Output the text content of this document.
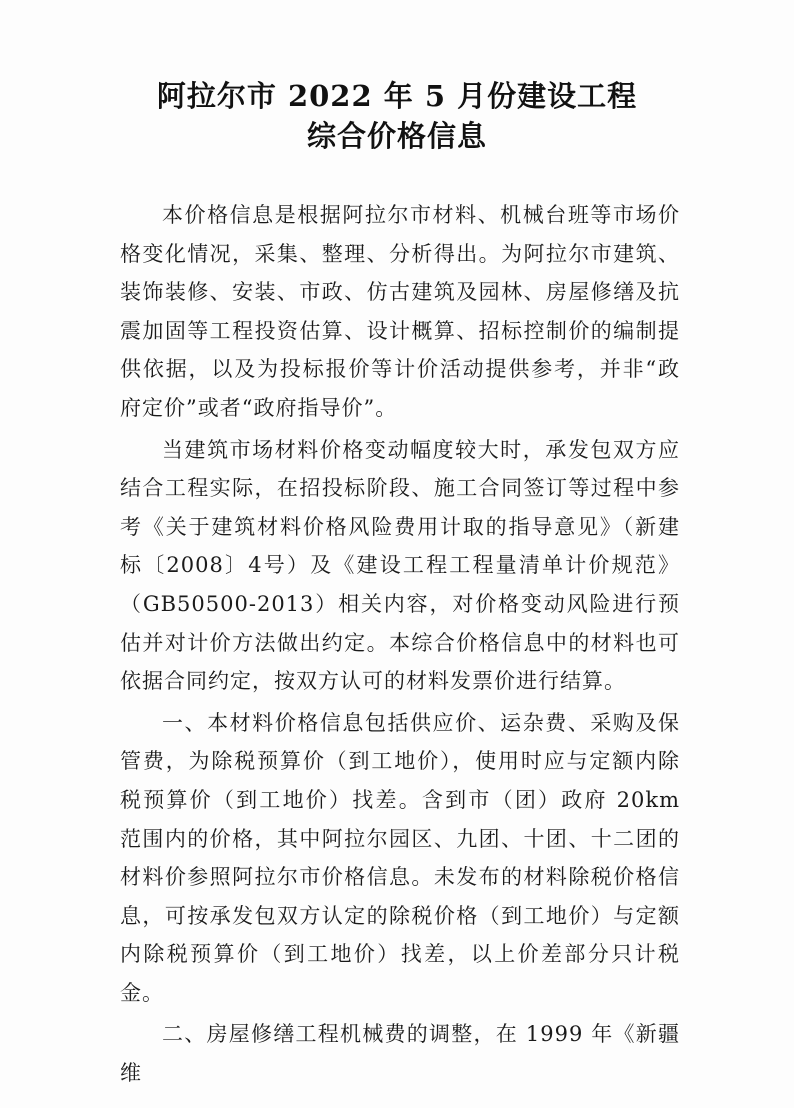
阿拉尔市 2022 年 5 月份建设工程
综合价格信息

本价格信息是根据阿拉尔市材料、机械台班等市场价格变化情况，采集、整理、分析得出。为阿拉尔市建筑、装饰装修、安装、市政、仿古建筑及园林、房屋修缮及抗震加固等工程投资估算、设计概算、招标控制价的编制提供依据，以及为投标报价等计价活动提供参考，并非“政府定价”或者“政府指导价”。

当建筑市场材料价格变动幅度较大时，承发包双方应结合工程实际，在招投标阶段、施工合同签订等过程中参考《关于建筑材料价格风险费用计取的指导意见》（新建标〔2008〕4号）及《建设工程工程量清单计价规范》（GB50500-2013）相关内容，对价格变动风险进行预估并对计价方法做出约定。本综合价格信息中的材料也可依据合同约定，按双方认可的材料发票价进行结算。

一、本材料价格信息包括供应价、运杂费、采购及保管费，为除税预算价（到工地价），使用时应与定额内除税预算价（到工地价）找差。含到市（团）政府 20km 范围内的价格，其中阿拉尔园区、九团、十团、十二团的材料价参照阿拉尔市价格信息。未发布的材料除税价格信息，可按承发包双方认定的除税价格（到工地价）与定额内除税预算价（到工地价）找差，以上价差部分只计税金。

二、房屋修缮工程机械费的调整，在 1999 年《新疆维
